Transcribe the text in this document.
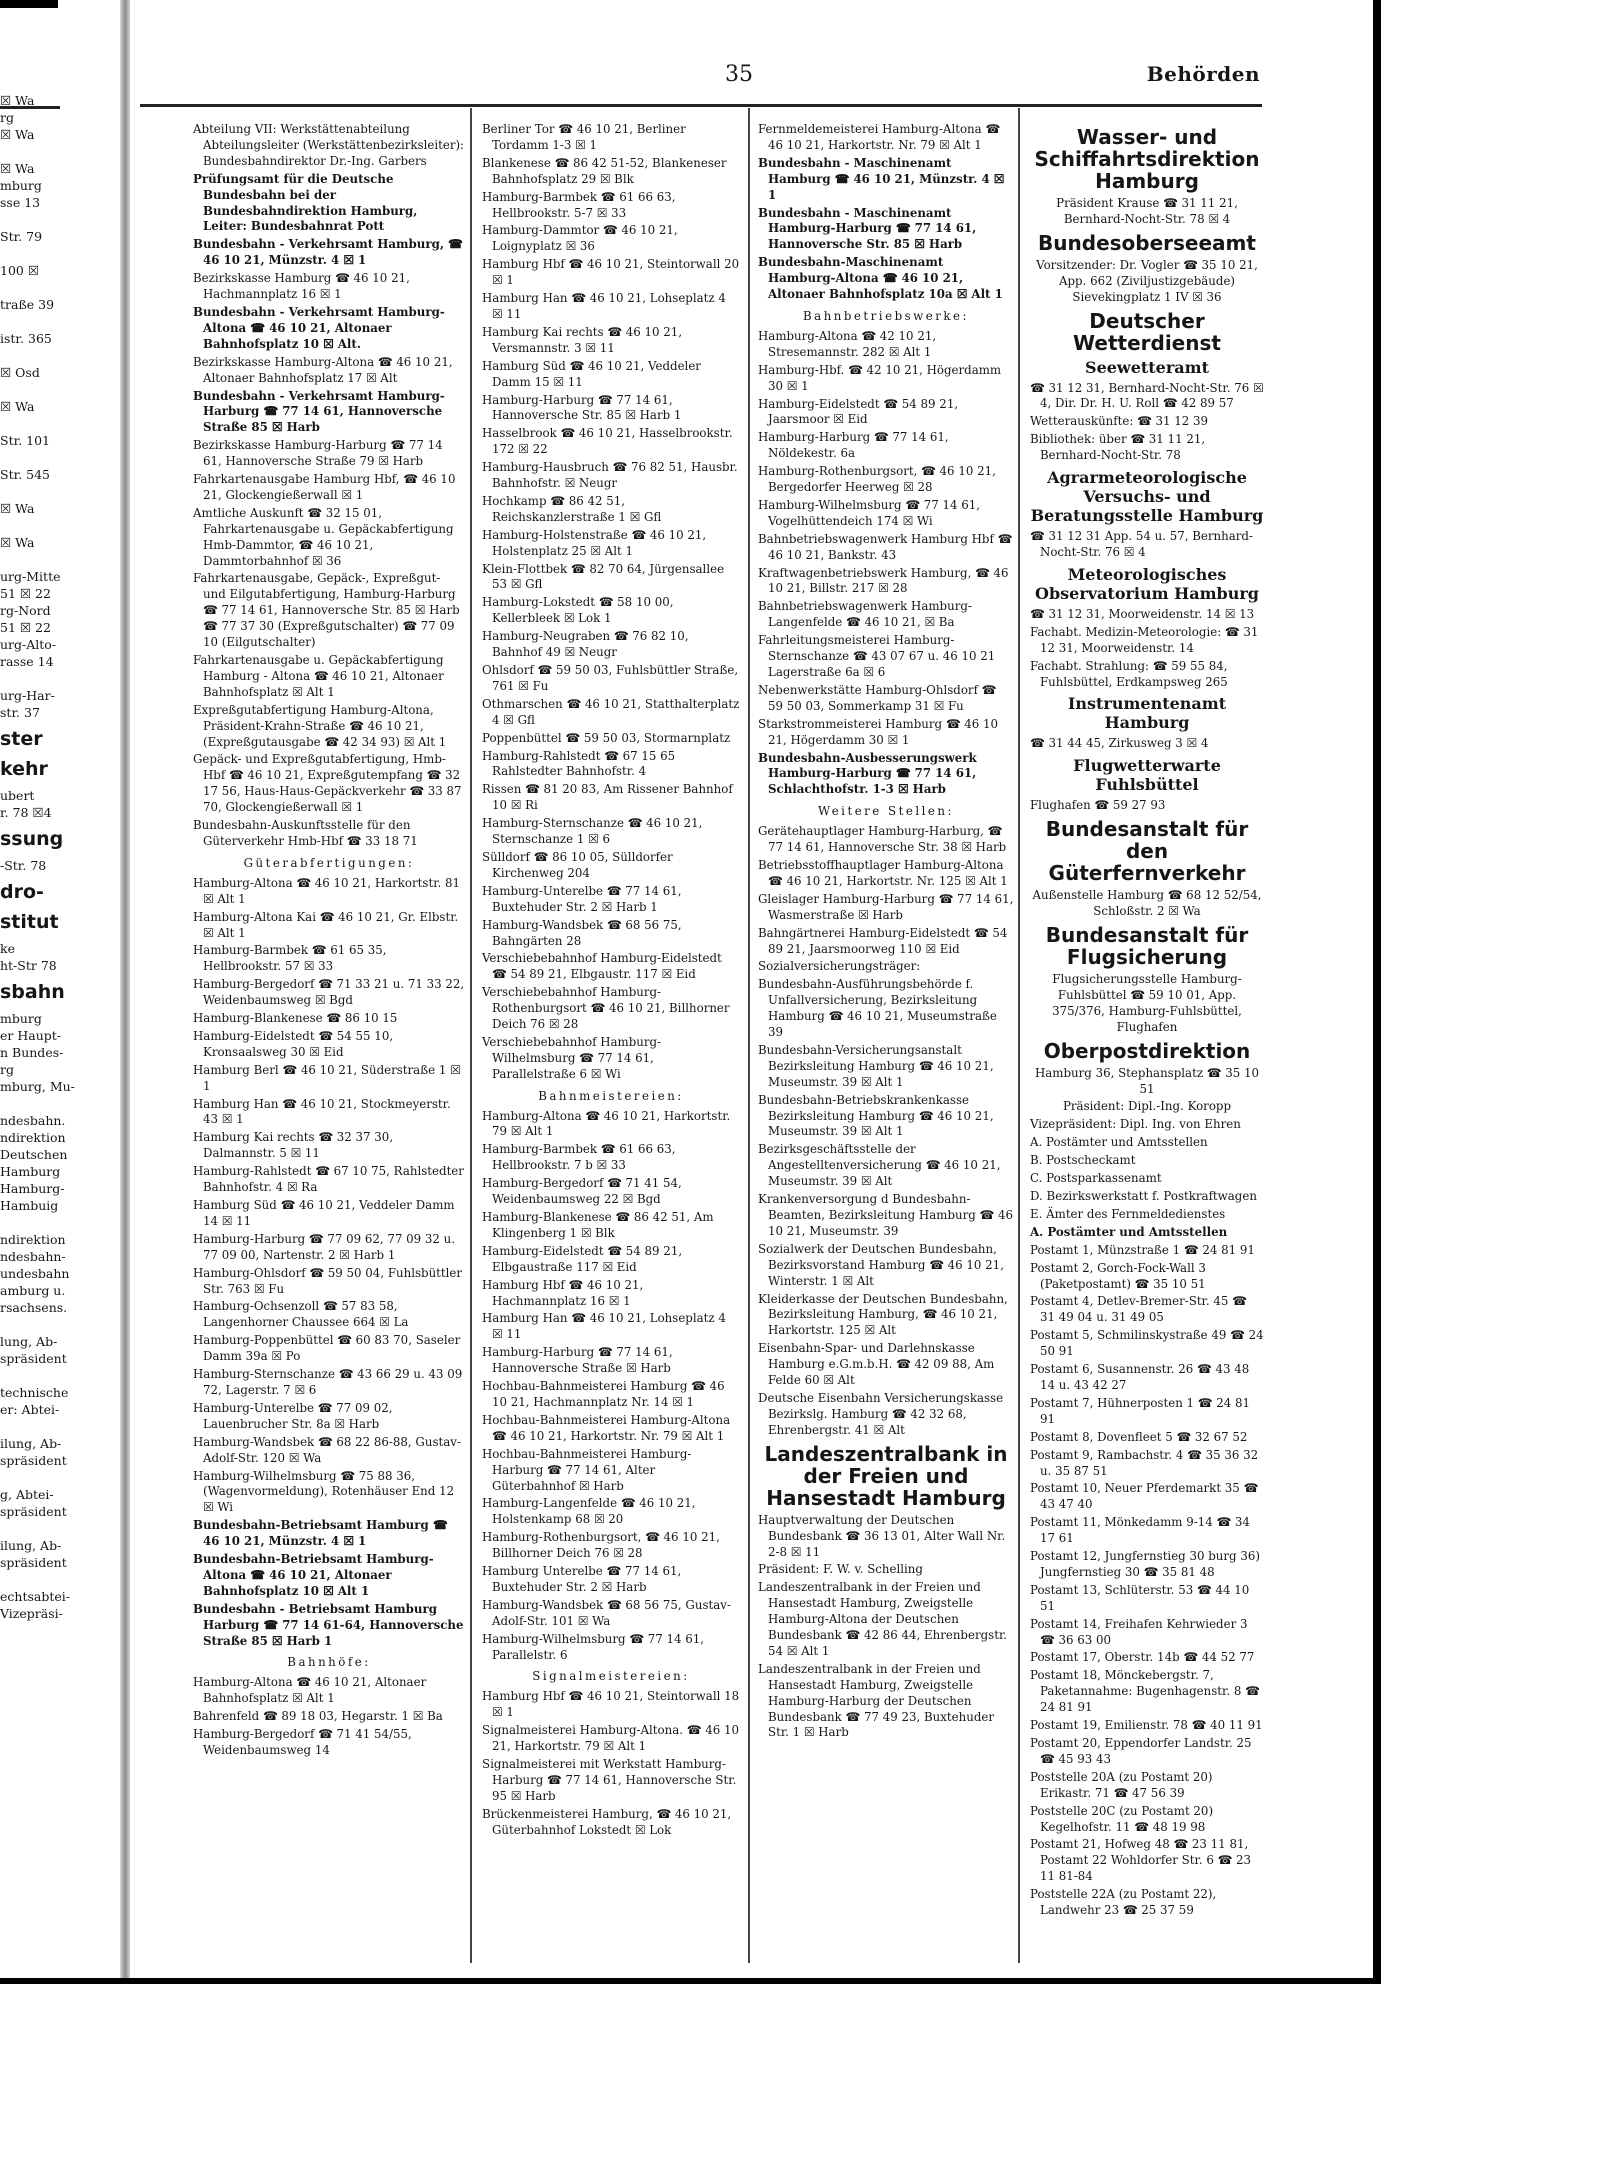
35	Behörden

☒ Wa

rg

☒ Wa

☒ Wa

mburg

sse 13

Str. 79

100 ☒

traße 39

istr. 365

☒ Osd

☒ Wa

Str. 101

Str. 545

☒ Wa

☒ Wa

urg-Mitte

51 ☒ 22

rg-Nord

51 ☒ 22

urg-Alto-

rasse 14

urg-Har-

str. 37

ster

kehr

ubert

r. 78 ☒4

ssung

-Str. 78

dro-

stitut

ke

ht-Str 78

sbahn

mburg

er Haupt-

n Bundes-

rg

mburg, Mu-

ndesbahn.

ndirektion

Deutschen

Hamburg

Hamburg-

Hambuig

ndirektion

ndesbahn-

undesbahn

amburg u.

rsachsens.

lung, Ab-

spräsident

technische

er: Abtei-

ilung, Ab-

spräsident

g, Abtei-

spräsident

ilung, Ab-

spräsident

echtsabtei-

Vizepräsi-

Abteilung VII: Werkstättenabteilung Abteilungsleiter (Werkstättenbezirksleiter): Bundesbahndirektor Dr.-Ing. Garbers

Prüfungsamt für die Deutsche Bundesbahn bei der Bundesbahndirektion Hamburg, Leiter: Bundesbahnrat Pott

Bundesbahn - Verkehrsamt Hamburg, ☎ 46 10 21, Münzstr. 4 ☒ 1

Bezirkskasse Hamburg ☎ 46 10 21, Hachmannplatz 16 ☒ 1

Bundesbahn - Verkehrsamt Hamburg-Altona ☎ 46 10 21, Altonaer Bahnhofsplatz 10 ☒ Alt.

Bezirkskasse Hamburg-Altona ☎ 46 10 21, Altonaer Bahnhofsplatz 17 ☒ Alt

Bundesbahn - Verkehrsamt Hamburg-Harburg ☎ 77 14 61, Hannoversche Straße 85 ☒ Harb

Bezirkskasse Hamburg-Harburg ☎ 77 14 61, Hannoversche Straße 79 ☒ Harb

Fahrkartenausgabe Hamburg Hbf, ☎ 46 10 21, Glockengießerwall ☒ 1

Amtliche Auskunft ☎ 32 15 01, Fahrkartenausgabe u. Gepäckabfertigung Hmb-Dammtor, ☎ 46 10 21, Dammtorbahnhof ☒ 36

Fahrkartenausgabe, Gepäck-, Expreßgut- und Eilgutabfertigung, Hamburg-Harburg ☎ 77 14 61, Hannoversche Str. 85 ☒ Harb ☎ 77 37 30 (Expreßgutschalter) ☎ 77 09 10 (Eilgutschalter)

Fahrkartenausgabe u. Gepäckabfertigung Hamburg - Altona ☎ 46 10 21, Altonaer Bahnhofsplatz ☒ Alt 1

Expreßgutabfertigung Hamburg-Altona, Präsident-Krahn-Straße ☎ 46 10 21, (Expreßgutausgabe ☎ 42 34 93) ☒ Alt 1

Gepäck- und Expreßgutabfertigung, Hmb-Hbf ☎ 46 10 21, Expreßgutempfang ☎ 32 17 56, Haus-Haus-Gepäckverkehr ☎ 33 87 70, Glockengießerwall ☒ 1

Bundesbahn-Auskunftsstelle für den Güterverkehr Hmb-Hbf ☎ 33 18 71

Güterabfertigungen:

Hamburg-Altona ☎ 46 10 21, Harkortstr. 81 ☒ Alt 1

Hamburg-Altona Kai ☎ 46 10 21, Gr. Elbstr. ☒ Alt 1

Hamburg-Barmbek ☎ 61 65 35, Hellbrookstr. 57 ☒ 33

Hamburg-Bergedorf ☎ 71 33 21 u. 71 33 22, Weidenbaumsweg ☒ Bgd

Hamburg-Blankenese ☎ 86 10 15

Hamburg-Eidelstedt ☎ 54 55 10, Kronsaalsweg 30 ☒ Eid

Hamburg Berl ☎ 46 10 21, Süderstraße 1 ☒ 1

Hamburg Han ☎ 46 10 21, Stockmeyerstr. 43 ☒ 1

Hamburg Kai rechts ☎ 32 37 30, Dalmannstr. 5 ☒ 11

Hamburg-Rahlstedt ☎ 67 10 75, Rahlstedter Bahnhofstr. 4 ☒ Ra

Hamburg Süd ☎ 46 10 21, Veddeler Damm 14 ☒ 11

Hamburg-Harburg ☎ 77 09 62, 77 09 32 u. 77 09 00, Nartenstr. 2 ☒ Harb 1

Hamburg-Ohlsdorf ☎ 59 50 04, Fuhlsbüttler Str. 763 ☒ Fu

Hamburg-Ochsenzoll ☎ 57 83 58, Langenhorner Chaussee 664 ☒ La

Hamburg-Poppenbüttel ☎ 60 83 70, Saseler Damm 39a ☒ Po

Hamburg-Sternschanze ☎ 43 66 29 u. 43 09 72, Lagerstr. 7 ☒ 6

Hamburg-Unterelbe ☎ 77 09 02, Lauenbrucher Str. 8a ☒ Harb

Hamburg-Wandsbek ☎ 68 22 86-88, Gustav-Adolf-Str. 120 ☒ Wa

Hamburg-Wilhelmsburg ☎ 75 88 36, (Wagenvormeldung), Rotenhäuser End 12 ☒ Wi

Bundesbahn-Betriebsamt Hamburg ☎ 46 10 21, Münzstr. 4 ☒ 1

Bundesbahn-Betriebsamt Hamburg-Altona ☎ 46 10 21, Altonaer Bahnhofsplatz 10 ☒ Alt 1

Bundesbahn - Betriebsamt Hamburg Harburg ☎ 77 14 61-64, Hannoversche Straße 85 ☒ Harb 1

Bahnhöfe:

Hamburg-Altona ☎ 46 10 21, Altonaer Bahnhofsplatz ☒ Alt 1

Bahrenfeld ☎ 89 18 03, Hegarstr. 1 ☒ Ba

Hamburg-Bergedorf ☎ 71 41 54/55, Weidenbaumsweg 14

Berliner Tor ☎ 46 10 21, Berliner Tordamm 1-3 ☒ 1

Blankenese ☎ 86 42 51-52, Blankeneser Bahnhofsplatz 29 ☒ Blk

Hamburg-Barmbek ☎ 61 66 63, Hellbrookstr. 5-7 ☒ 33

Hamburg-Dammtor ☎ 46 10 21, Loignyplatz ☒ 36

Hamburg Hbf ☎ 46 10 21, Steintorwall 20 ☒ 1

Hamburg Han ☎ 46 10 21, Lohseplatz 4 ☒ 11

Hamburg Kai rechts ☎ 46 10 21, Versmannstr. 3 ☒ 11

Hamburg Süd ☎ 46 10 21, Veddeler Damm 15 ☒ 11

Hamburg-Harburg ☎ 77 14 61, Hannoversche Str. 85 ☒ Harb 1

Hasselbrook ☎ 46 10 21, Hasselbrookstr. 172 ☒ 22

Hamburg-Hausbruch ☎ 76 82 51, Hausbr. Bahnhofstr. ☒ Neugr

Hochkamp ☎ 86 42 51, Reichskanzlerstraße 1 ☒ Gfl

Hamburg-Holstenstraße ☎ 46 10 21, Holstenplatz 25 ☒ Alt 1

Klein-Flottbek ☎ 82 70 64, Jürgensallee 53 ☒ Gfl

Hamburg-Lokstedt ☎ 58 10 00, Kellerbleek ☒ Lok 1

Hamburg-Neugraben ☎ 76 82 10, Bahnhof 49 ☒ Neugr

Ohlsdorf ☎ 59 50 03, Fuhlsbüttler Straße, 761 ☒ Fu

Othmarschen ☎ 46 10 21, Statthalterplatz 4 ☒ Gfl

Poppenbüttel ☎ 59 50 03, Stormarnplatz

Hamburg-Rahlstedt ☎ 67 15 65 Rahlstedter Bahnhofstr. 4

Rissen ☎ 81 20 83, Am Rissener Bahnhof 10 ☒ Ri

Hamburg-Sternschanze ☎ 46 10 21, Sternschanze 1 ☒ 6

Sülldorf ☎ 86 10 05, Sülldorfer Kirchenweg 204

Hamburg-Unterelbe ☎ 77 14 61, Buxtehuder Str. 2 ☒ Harb 1

Hamburg-Wandsbek ☎ 68 56 75, Bahngärten 28

Verschiebebahnhof Hamburg-Eidelstedt ☎ 54 89 21, Elbgaustr. 117 ☒ Eid

Verschiebebahnhof Hamburg-Rothenburgsort ☎ 46 10 21, Billhorner Deich 76 ☒ 28

Verschiebebahnhof Hamburg-Wilhelmsburg ☎ 77 14 61, Parallelstraße 6 ☒ Wi

Bahnmeistereien:

Hamburg-Altona ☎ 46 10 21, Harkortstr. 79 ☒ Alt 1

Hamburg-Barmbek ☎ 61 66 63, Hellbrookstr. 7 b ☒ 33

Hamburg-Bergedorf ☎ 71 41 54, Weidenbaumsweg 22 ☒ Bgd

Hamburg-Blankenese ☎ 86 42 51, Am Klingenberg 1 ☒ Blk

Hamburg-Eidelstedt ☎ 54 89 21, Elbgaustraße 117 ☒ Eid

Hamburg Hbf ☎ 46 10 21, Hachmannplatz 16 ☒ 1

Hamburg Han ☎ 46 10 21, Lohseplatz 4 ☒ 11

Hamburg-Harburg ☎ 77 14 61, Hannoversche Straße ☒ Harb

Hochbau-Bahnmeisterei Hamburg ☎ 46 10 21, Hachmannplatz Nr. 14 ☒ 1

Hochbau-Bahnmeisterei Hamburg-Altona ☎ 46 10 21, Harkortstr. Nr. 79 ☒ Alt 1

Hochbau-Bahnmeisterei Hamburg-Harburg ☎ 77 14 61, Alter Güterbahnhof ☒ Harb

Hamburg-Langenfelde ☎ 46 10 21, Holstenkamp 68 ☒ 20

Hamburg-Rothenburgsort, ☎ 46 10 21, Billhorner Deich 76 ☒ 28

Hamburg Unterelbe ☎ 77 14 61, Buxtehuder Str. 2 ☒ Harb

Hamburg-Wandsbek ☎ 68 56 75, Gustav-Adolf-Str. 101 ☒ Wa

Hamburg-Wilhelmsburg ☎ 77 14 61, Parallelstr. 6

Signalmeistereien:

Hamburg Hbf ☎ 46 10 21, Steintorwall 18 ☒ 1

Signalmeisterei Hamburg-Altona. ☎ 46 10 21, Harkortstr. 79 ☒ Alt 1

Signalmeisterei mit Werkstatt Hamburg-Harburg ☎ 77 14 61, Hannoversche Str. 95 ☒ Harb

Brückenmeisterei Hamburg, ☎ 46 10 21, Güterbahnhof Lokstedt ☒ Lok

Fernmeldemeisterei Hamburg-Altona ☎ 46 10 21, Harkortstr. Nr. 79 ☒ Alt 1

Bundesbahn - Maschinenamt Hamburg ☎ 46 10 21, Münzstr. 4 ☒ 1

Bundesbahn - Maschinenamt Hamburg-Harburg ☎ 77 14 61, Hannoversche Str. 85 ☒ Harb

Bundesbahn-Maschinenamt Hamburg-Altona ☎ 46 10 21, Altonaer Bahnhofsplatz 10a ☒ Alt 1

Bahnbetriebswerke:

Hamburg-Altona ☎ 42 10 21, Stresemannstr. 282 ☒ Alt 1

Hamburg-Hbf. ☎ 42 10 21, Högerdamm 30 ☒ 1

Hamburg-Eidelstedt ☎ 54 89 21, Jaarsmoor ☒ Eid

Hamburg-Harburg ☎ 77 14 61, Nöldekestr. 6a

Hamburg-Rothenburgsort, ☎ 46 10 21, Bergedorfer Heerweg ☒ 28

Hamburg-Wilhelmsburg ☎ 77 14 61, Vogelhüttendeich 174 ☒ Wi

Bahnbetriebswagenwerk Hamburg Hbf ☎ 46 10 21, Bankstr. 43

Kraftwagenbetriebswerk Hamburg, ☎ 46 10 21, Billstr. 217 ☒ 28

Bahnbetriebswagenwerk Hamburg-Langenfelde ☎ 46 10 21, ☒ Ba

Fahrleitungsmeisterei Hamburg-Sternschanze ☎ 43 07 67 u. 46 10 21 Lagerstraße 6a ☒ 6

Nebenwerkstätte Hamburg-Ohlsdorf ☎ 59 50 03, Sommerkamp 31 ☒ Fu

Starkstrommeisterei Hamburg ☎ 46 10 21, Högerdamm 30 ☒ 1

Bundesbahn-Ausbesserungswerk Hamburg-Harburg ☎ 77 14 61, Schlachthofstr. 1-3 ☒ Harb

Weitere Stellen:

Gerätehauptlager Hamburg-Harburg, ☎ 77 14 61, Hannoversche Str. 38 ☒ Harb

Betriebsstoffhauptlager Hamburg-Altona ☎ 46 10 21, Harkortstr. Nr. 125 ☒ Alt 1

Gleislager Hamburg-Harburg ☎ 77 14 61, Wasmerstraße ☒ Harb

Bahngärtnerei Hamburg-Eidelstedt ☎ 54 89 21, Jaarsmoorweg 110 ☒ Eid

Sozialversicherungsträger:

Bundesbahn-Ausführungsbehörde f. Unfallversicherung, Bezirksleitung Hamburg ☎ 46 10 21, Museumstraße 39

Bundesbahn-Versicherungsanstalt Bezirksleitung Hamburg ☎ 46 10 21, Museumstr. 39 ☒ Alt 1

Bundesbahn-Betriebskrankenkasse Bezirksleitung Hamburg ☎ 46 10 21, Museumstr. 39 ☒ Alt 1

Bezirksgeschäftsstelle der Angestelltenversicherung ☎ 46 10 21, Museumstr. 39 ☒ Alt

Krankenversorgung d Bundesbahn-Beamten, Bezirksleitung Hamburg ☎ 46 10 21, Museumstr. 39

Sozialwerk der Deutschen Bundesbahn, Bezirksvorstand Hamburg ☎ 46 10 21, Winterstr. 1 ☒ Alt

Kleiderkasse der Deutschen Bundesbahn, Bezirksleitung Hamburg, ☎ 46 10 21, Harkortstr. 125 ☒ Alt

Eisenbahn-Spar- und Darlehnskasse Hamburg e.G.m.b.H. ☎ 42 09 88, Am Felde 60 ☒ Alt

Deutsche Eisenbahn Versicherungskasse Bezirkslg. Hamburg ☎ 42 32 68, Ehrenbergstr. 41 ☒ Alt

Landeszentralbank in der Freien und Hansestadt Hamburg

Hauptverwaltung der Deutschen Bundesbank ☎ 36 13 01, Alter Wall Nr. 2-8 ☒ 11

Präsident: F. W. v. Schelling

Landeszentralbank in der Freien und Hansestadt Hamburg, Zweigstelle Hamburg-Altona der Deutschen Bundesbank ☎ 42 86 44, Ehrenbergstr. 54 ☒ Alt 1

Landeszentralbank in der Freien und Hansestadt Hamburg, Zweigstelle Hamburg-Harburg der Deutschen Bundesbank ☎ 77 49 23, Buxtehuder Str. 1 ☒ Harb

Wasser- und Schiffahrtsdirektion Hamburg

Präsident Krause ☎ 31 11 21, Bernhard-Nocht-Str. 78 ☒ 4

Bundesoberseeamt

Vorsitzender: Dr. Vogler ☎ 35 10 21, App. 662 (Ziviljustizgebäude) Sievekingplatz 1 IV ☒ 36

Deutscher Wetterdienst

Seewetteramt

☎ 31 12 31, Bernhard-Nocht-Str. 76 ☒ 4, Dir. Dr. H. U. Roll ☎ 42 89 57

Wetterauskünfte: ☎ 31 12 39

Bibliothek: über ☎ 31 11 21, Bernhard-Nocht-Str. 78

Agrarmeteorologische Versuchs- und Beratungsstelle Hamburg

☎ 31 12 31 App. 54 u. 57, Bernhard-Nocht-Str. 76 ☒ 4

Meteorologisches Observatorium Hamburg

☎ 31 12 31, Moorweidenstr. 14 ☒ 13

Fachabt. Medizin-Meteorologie: ☎ 31 12 31, Moorweidenstr. 14

Fachabt. Strahlung: ☎ 59 55 84, Fuhlsbüttel, Erdkampsweg 265

Instrumentenamt Hamburg

☎ 31 44 45, Zirkusweg 3 ☒ 4

Flugwetterwarte Fuhlsbüttel

Flughafen ☎ 59 27 93

Bundesanstalt für den Güterfernverkehr

Außenstelle Hamburg ☎ 68 12 52/54, Schloßstr. 2 ☒ Wa

Bundesanstalt für Flugsicherung

Flugsicherungsstelle Hamburg-Fuhlsbüttel ☎ 59 10 01, App. 375/376, Hamburg-Fuhlsbüttel, Flughafen

Oberpostdirektion

Hamburg 36, Stephansplatz ☎ 35 10 51

Präsident: Dipl.-Ing. Koropp

Vizepräsident: Dipl. Ing. von Ehren

A. Postämter und Amtsstellen

B. Postscheckamt

C. Postsparkassenamt

D. Bezirkswerkstatt f. Postkraftwagen

E. Ämter des Fernmeldedienstes

A. Postämter und Amtsstellen

Postamt 1, Münzstraße 1 ☎ 24 81 91

Postamt 2, Gorch-Fock-Wall 3 (Paketpostamt) ☎ 35 10 51

Postamt 4, Detlev-Bremer-Str. 45 ☎ 31 49 04 u. 31 49 05

Postamt 5, Schmilinskystraße 49 ☎ 24 50 91

Postamt 6, Susannenstr. 26 ☎ 43 48 14 u. 43 42 27

Postamt 7, Hühnerposten 1 ☎ 24 81 91

Postamt 8, Dovenfleet 5 ☎ 32 67 52

Postamt 9, Rambachstr. 4 ☎ 35 36 32 u. 35 87 51

Postamt 10, Neuer Pferdemarkt 35 ☎ 43 47 40

Postamt 11, Mönkedamm 9-14 ☎ 34 17 61

Postamt 12, Jungfernstieg 30 burg 36) Jungfernstieg 30 ☎ 35 81 48

Postamt 13, Schlüterstr. 53 ☎ 44 10 51

Postamt 14, Freihafen Kehrwieder 3 ☎ 36 63 00

Postamt 17, Oberstr. 14b ☎ 44 52 77

Postamt 18, Mönckebergstr. 7, Paketannahme: Bugenhagenstr. 8 ☎ 24 81 91

Postamt 19, Emilienstr. 78 ☎ 40 11 91

Postamt 20, Eppendorfer Landstr. 25 ☎ 45 93 43

Poststelle 20A (zu Postamt 20) Erikastr. 71 ☎ 47 56 39

Poststelle 20C (zu Postamt 20) Kegelhofstr. 11 ☎ 48 19 98

Postamt 21, Hofweg 48 ☎ 23 11 81, Postamt 22 Wohldorfer Str. 6 ☎ 23 11 81-84

Poststelle 22A (zu Postamt 22), Landwehr 23 ☎ 25 37 59
